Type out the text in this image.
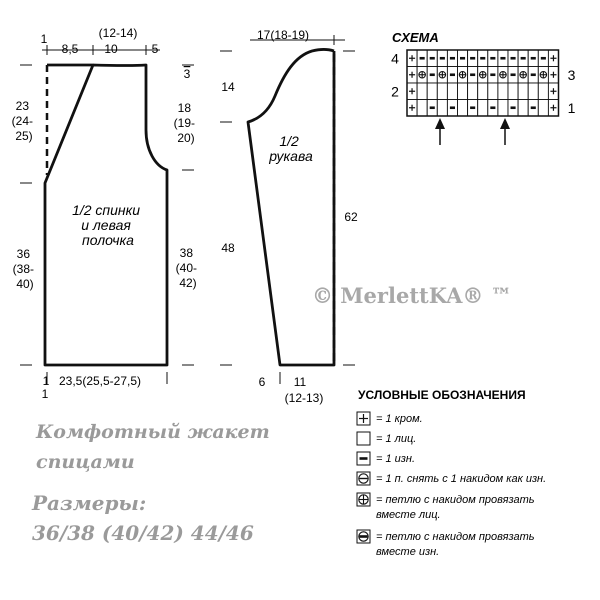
1
8,5
(12-14)
10	5
3
23 (24- 25)
18 (19- 20)
36 (38- 40)
38 (40- 42)
1/2 спинки и левая полочка
1 23,5(25,5-27,5)
1
17(18-19)
14
48
62
1/2 рукава
6 11
(12-13)
СХЕМА
4
3
2
1
© MerlettKA® ™
УСЛОВНЫЕ ОБОЗНАЧЕНИЯ
= 1 кром.
= 1 лиц.
= 1 изн.
= 1 п. снять с 1 накидом как изн.
= петлю с накидом провязать
вместе лиц.
= петлю с накидом провязать
вместе изн.
Комфотный жакет
спицами
Размеры:
36/38 (40/42) 44/46
